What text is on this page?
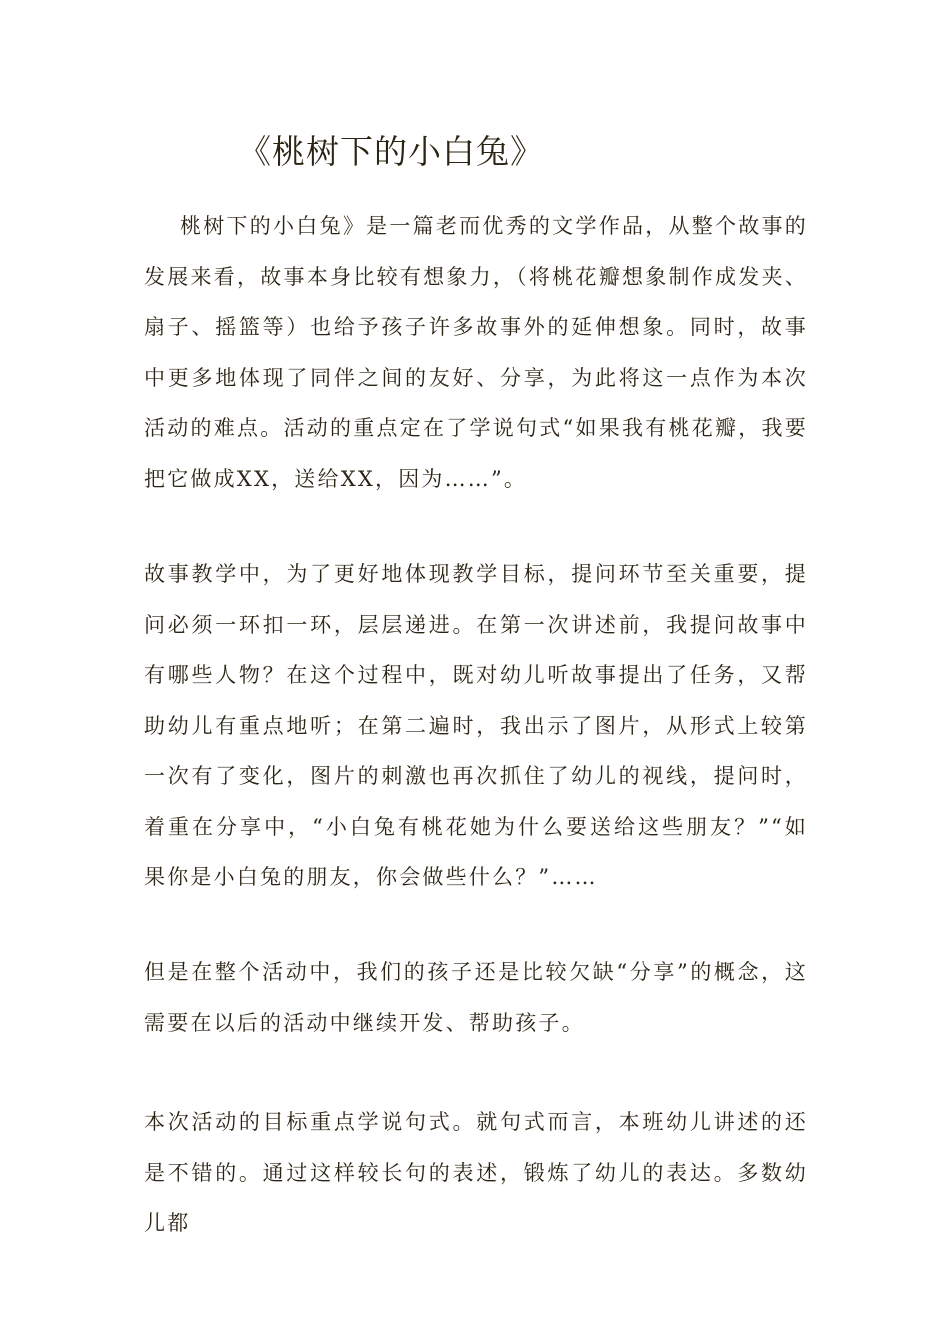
《桃树下的小白兔》

桃树下的小白兔》是一篇老而优秀的文学作品，从整个故事的发展来看，故事本身比较有想象力，（将桃花瓣想象制作成发夹、扇子、摇篮等）也给予孩子许多故事外的延伸想象。同时，故事中更多地体现了同伴之间的友好、分享，为此将这一点作为本次活动的难点。活动的重点定在了学说句式“如果我有桃花瓣，我要把它做成XX，送给XX，因为……”。

故事教学中，为了更好地体现教学目标，提问环节至关重要，提问必须一环扣一环，层层递进。在第一次讲述前，我提问故事中有哪些人物？在这个过程中，既对幼儿听故事提出了任务，又帮助幼儿有重点地听；在第二遍时，我出示了图片，从形式上较第一次有了变化，图片的刺激也再次抓住了幼儿的视线，提问时，着重在分享中，“小白兔有桃花她为什么要送给这些朋友？”“如果你是小白兔的朋友，你会做些什么？”……

但是在整个活动中，我们的孩子还是比较欠缺“分享”的概念，这需要在以后的活动中继续开发、帮助孩子。

本次活动的目标重点学说句式。就句式而言，本班幼儿讲述的还是不错的。通过这样较长句的表述，锻炼了幼儿的表达。多数幼儿都
